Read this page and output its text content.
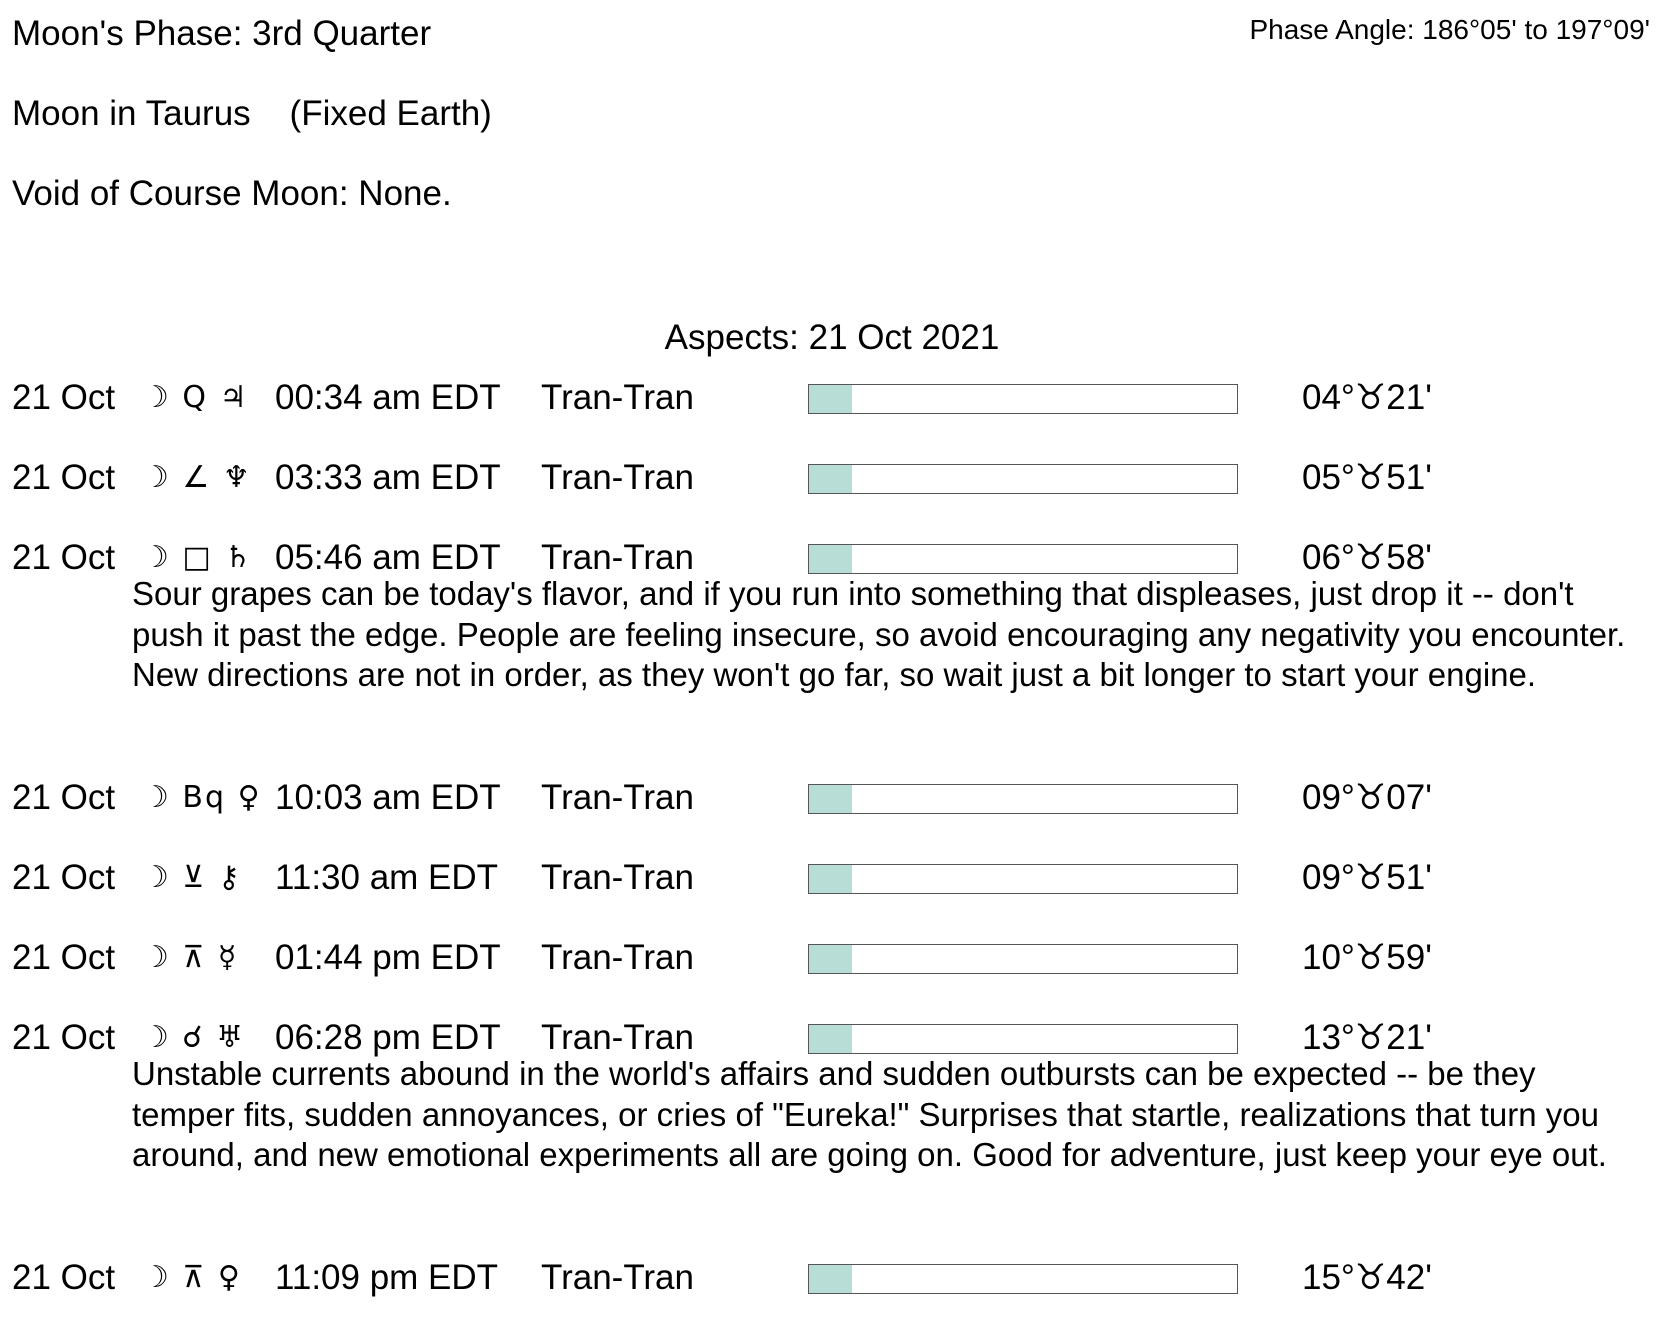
Moon's Phase: 3rd Quarter	Phase Angle: 186°05' to 197°09'
Moon in Taurus    (Fixed Earth)
Void of Course Moon: None.
Aspects: 21 Oct 2021
21 Oct ☽ Q ♃ 00:34 am EDT Tran-Tran	04°♉21'
21 Oct ☽ ∠ ♆ 03:33 am EDT Tran-Tran	05°♉51'
21 Oct ☽ □ ♄ 05:46 am EDT Tran-Tran	06°♉58'
Sour grapes can be today's flavor, and if you run into something that displeases, just drop it -- don't push it past the edge. People are feeling insecure, so avoid encouraging any negativity you encounter. New directions are not in order, as they won't go far, so wait just a bit longer to start your engine.
21 Oct ☽ Bq ♀ 10:03 am EDT Tran-Tran	09°♉07'
21 Oct ☽ ⊻ ⚷ 11:30 am EDT Tran-Tran	09°♉51'
21 Oct ☽ ⊼ ☿ 01:44 pm EDT Tran-Tran	10°♉59'
21 Oct ☽ ☌ ♅ 06:28 pm EDT Tran-Tran	13°♉21'
Unstable currents abound in the world's affairs and sudden outbursts can be expected -- be they temper fits, sudden annoyances, or cries of "Eureka!" Surprises that startle, realizations that turn you around, and new emotional experiments all are going on. Good for adventure, just keep your eye out.
21 Oct ☽ ⊼ ♀ 11:09 pm EDT Tran-Tran	15°♉42'
